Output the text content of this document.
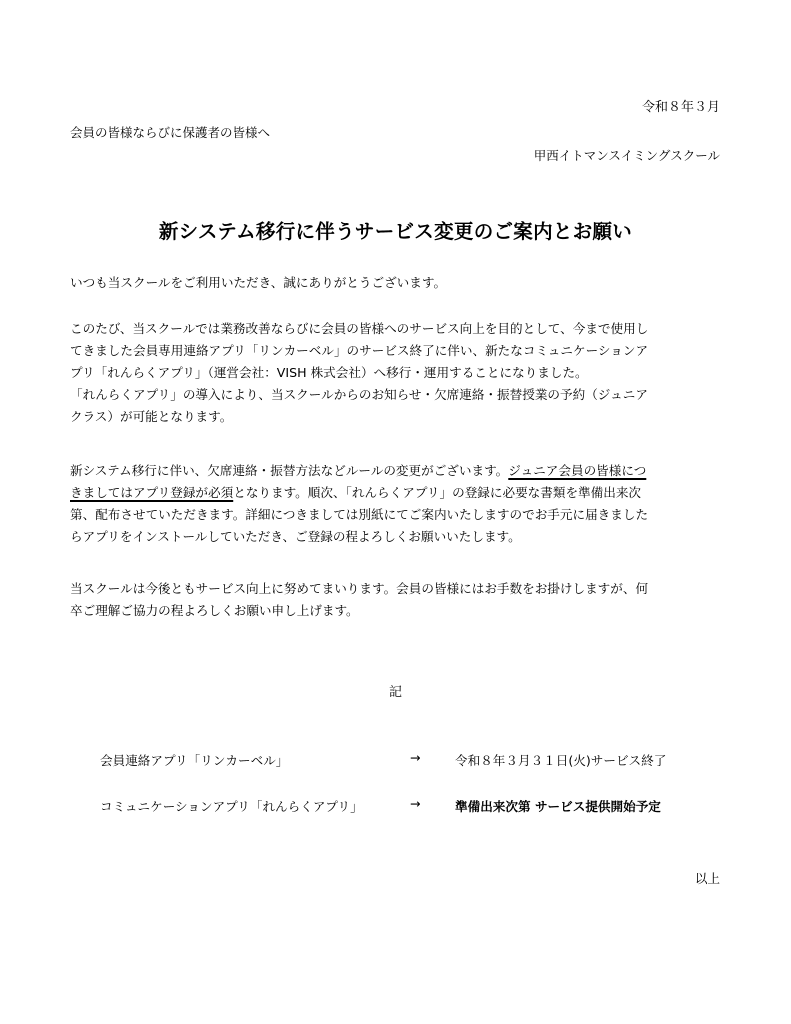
令和８年３月
会員の皆様ならびに保護者の皆様へ
甲西イトマンスイミングスクール
新システム移行に伴うサービス変更のご案内とお願い
いつも当スクールをご利用いただき、誠にありがとうございます。
このたび、当スクールでは業務改善ならびに会員の皆様へのサービス向上を目的として、今まで使用し
てきました会員専用連絡アプリ「リンカーベル」のサービス終了に伴い、新たなコミュニケーションア
プリ「れんらくアプリ」（運営会社：VISH 株式会社）へ移行・運用することになりました。
「れんらくアプリ」の導入により、当スクールからのお知らせ・欠席連絡・振替授業の予約（ジュニア
クラス）が可能となります。
新システム移行に伴い、欠席連絡・振替方法などルールの変更がございます。ジュニア会員の皆様につ
きましてはアプリ登録が必須となります。順次、「れんらくアプリ」の登録に必要な書類を準備出来次
第、配布させていただきます。詳細につきましては別紙にてご案内いたしますのでお手元に届きました
らアプリをインストールしていただき、ご登録の程よろしくお願いいたします。
当スクールは今後ともサービス向上に努めてまいります。会員の皆様にはお手数をお掛けしますが、何
卒ご理解ご協力の程よろしくお願い申し上げます。
記
会員連絡アプリ「リンカーベル」	→	令和８年３月３１日(火)サービス終了
コミュニケーションアプリ「れんらくアプリ」	→	準備出来次第 サービス提供開始予定
以上
